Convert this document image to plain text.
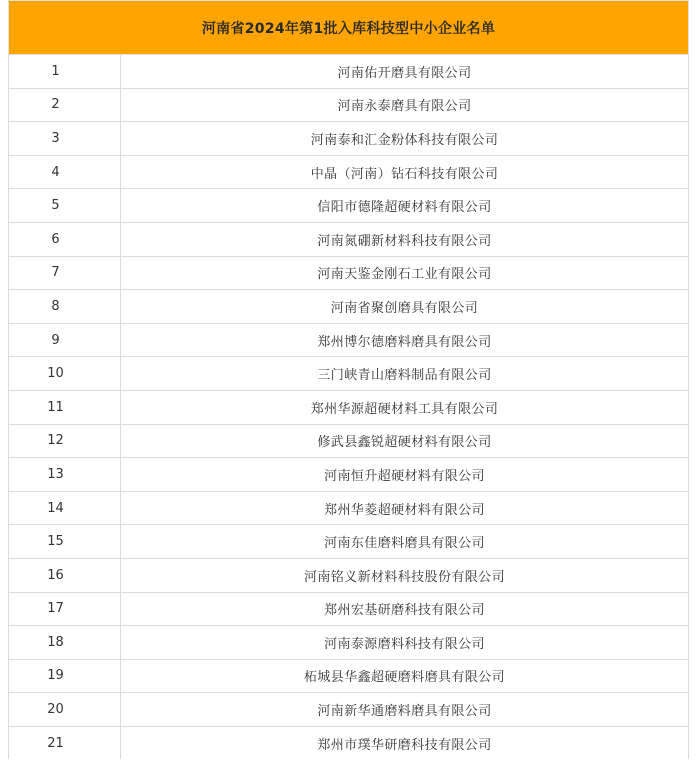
河南省2024年第1批入库科技型中小企业名单	
1	河南佑开磨具有限公司
2	河南永泰磨具有限公司
3	河南泰和汇金粉体科技有限公司
4	中晶（河南）钻石科技有限公司
5	信阳市德隆超硬材料有限公司
6	河南氮硼新材料科技有限公司
7	河南天鉴金刚石工业有限公司
8	河南省聚创磨具有限公司
9	郑州博尔德磨料磨具有限公司
10	三门峡青山磨料制品有限公司
11	郑州华源超硬材料工具有限公司
12	修武县鑫锐超硬材料有限公司
13	河南恒升超硬材料有限公司
14	郑州华菱超硬材料有限公司
15	河南东佳磨料磨具有限公司
16	河南铭义新材料科技股份有限公司
17	郑州宏基研磨科技有限公司
18	河南泰源磨料科技有限公司
19	柘城县华鑫超硬磨料磨具有限公司
20	河南新华通磨料磨具有限公司
21	郑州市璞华研磨科技有限公司
